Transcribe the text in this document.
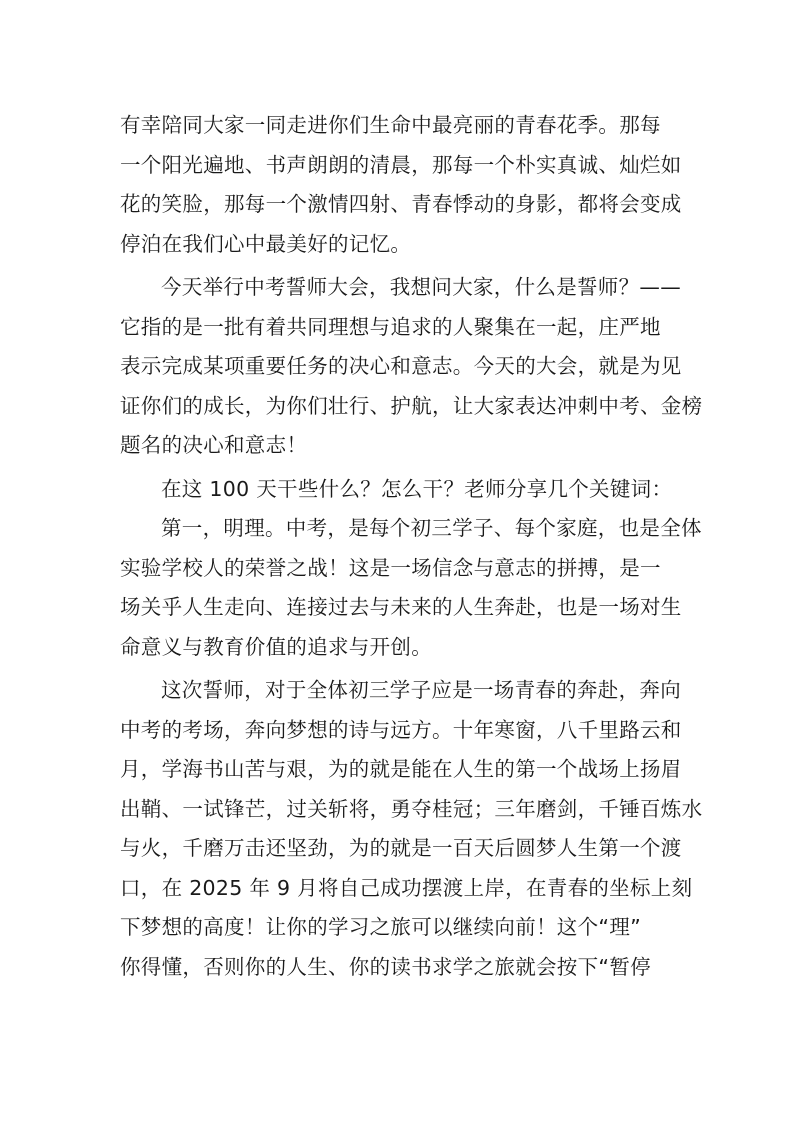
有幸陪同大家一同走进你们生命中最亮丽的青春花季。那每
一个阳光遍地、书声朗朗的清晨，那每一个朴实真诚、灿烂如
花的笑脸，那每一个激情四射、青春悸动的身影，都将会变成
停泊在我们心中最美好的记忆。
今天举行中考誓师大会，我想问大家，什么是誓师？——
它指的是一批有着共同理想与追求的人聚集在一起，庄严地
表示完成某项重要任务的决心和意志。今天的大会，就是为见
证你们的成长，为你们壮行、护航，让大家表达冲刺中考、金榜
题名的决心和意志！
在这 100 天干些什么？怎么干？老师分享几个关键词：
第一，明理。中考，是每个初三学子、每个家庭，也是全体
实验学校人的荣誉之战！这是一场信念与意志的拼搏，是一
场关乎人生走向、连接过去与未来的人生奔赴，也是一场对生
命意义与教育价值的追求与开创。
这次誓师，对于全体初三学子应是一场青春的奔赴，奔向
中考的考场，奔向梦想的诗与远方。十年寒窗，八千里路云和
月，学海书山苦与艰，为的就是能在人生的第一个战场上扬眉
出鞘、一试锋芒，过关斩将，勇夺桂冠；三年磨剑，千锤百炼水
与火，千磨万击还坚劲，为的就是一百天后圆梦人生第一个渡
口，在 2025 年 9 月将自己成功摆渡上岸，在青春的坐标上刻
下梦想的高度！让你的学习之旅可以继续向前！这个“理”
你得懂，否则你的人生、你的读书求学之旅就会按下“暂停
